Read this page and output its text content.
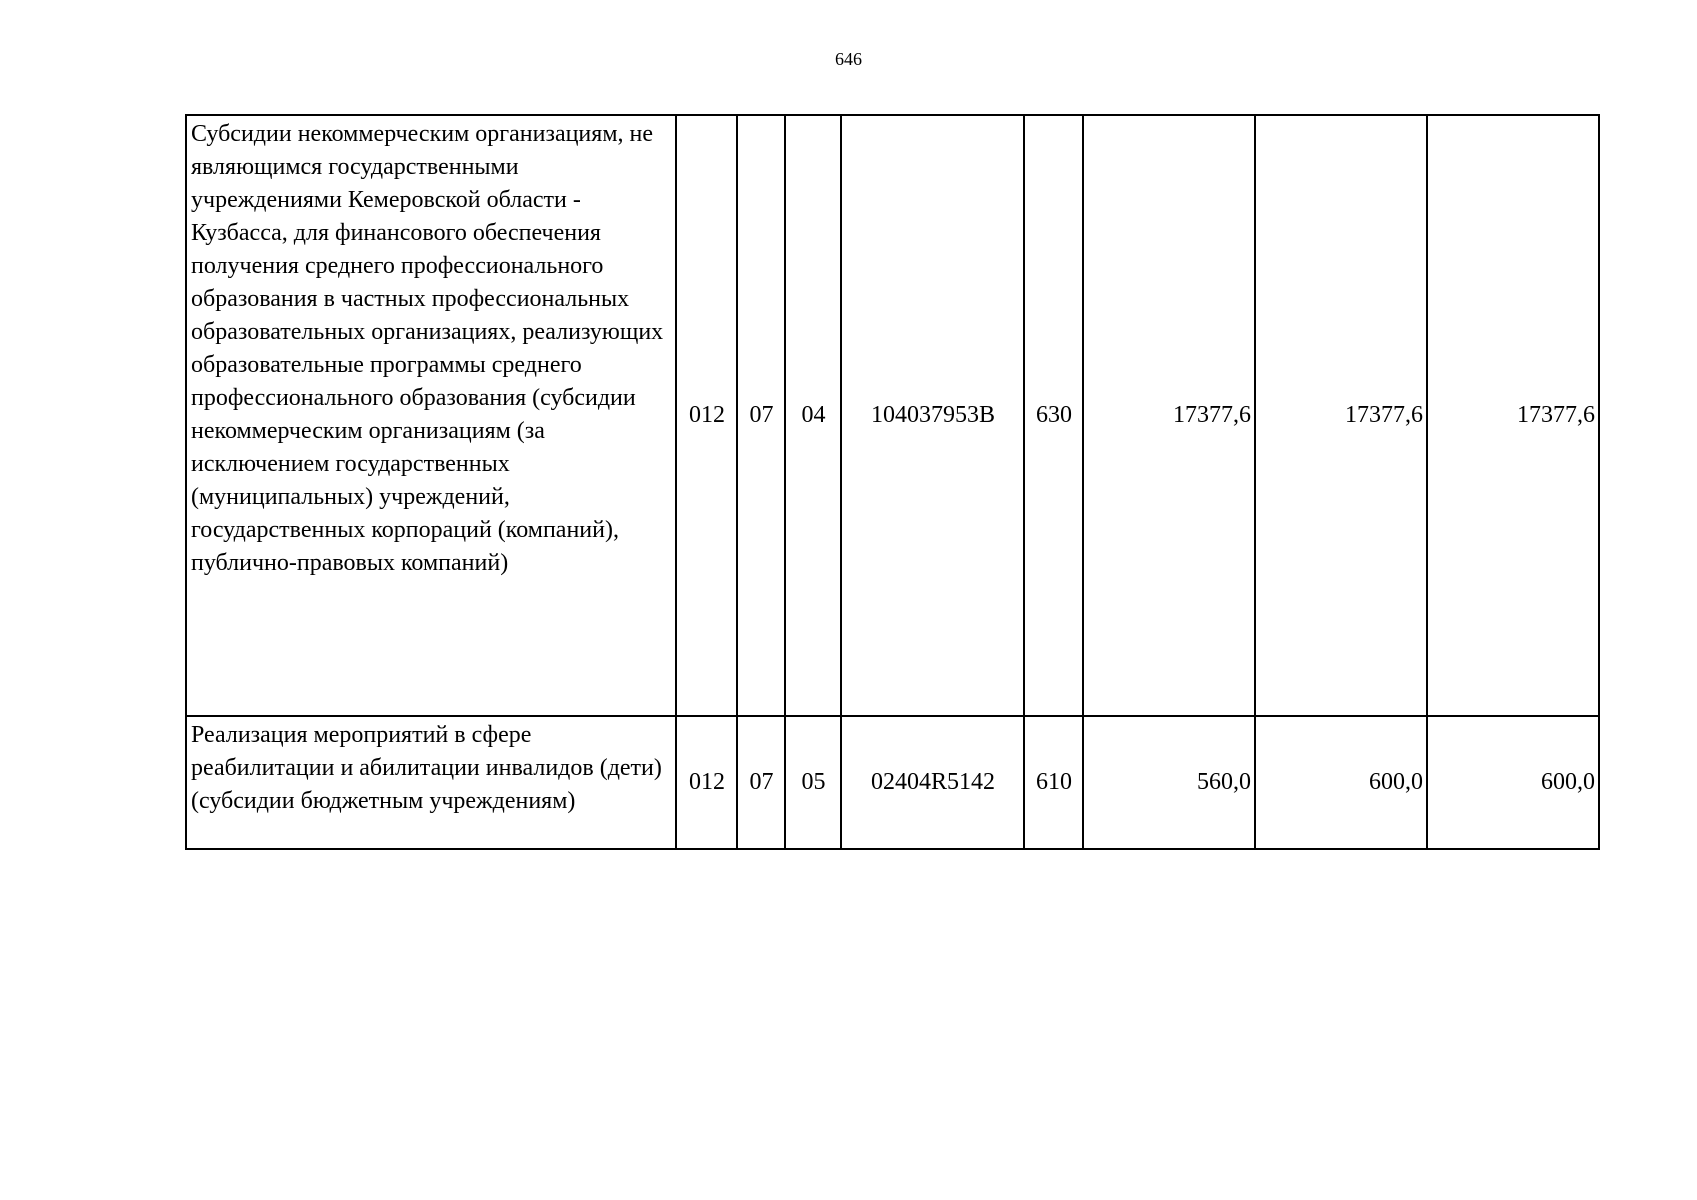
646
Субсидии некоммерческим организациям, не являющимся государственными учреждениями Кемеровской области - Кузбасса, для финансового обеспечения получения среднего профессионального образования в частных профессиональных образовательных организациях, реализующих образовательные программы среднего профессионального образования (субсидии некоммерческим организациям (за исключением государственных (муниципальных) учреждений, государственных корпораций (компаний), публично-правовых компаний)	012	07	04	104037953В	630	17377,6	17377,6	17377,6
Реализация мероприятий в сфере реабилитации и абилитации инвалидов (дети) (субсидии бюджетным учреждениям)	012	07	05	02404R5142	610	560,0	600,0	600,0
